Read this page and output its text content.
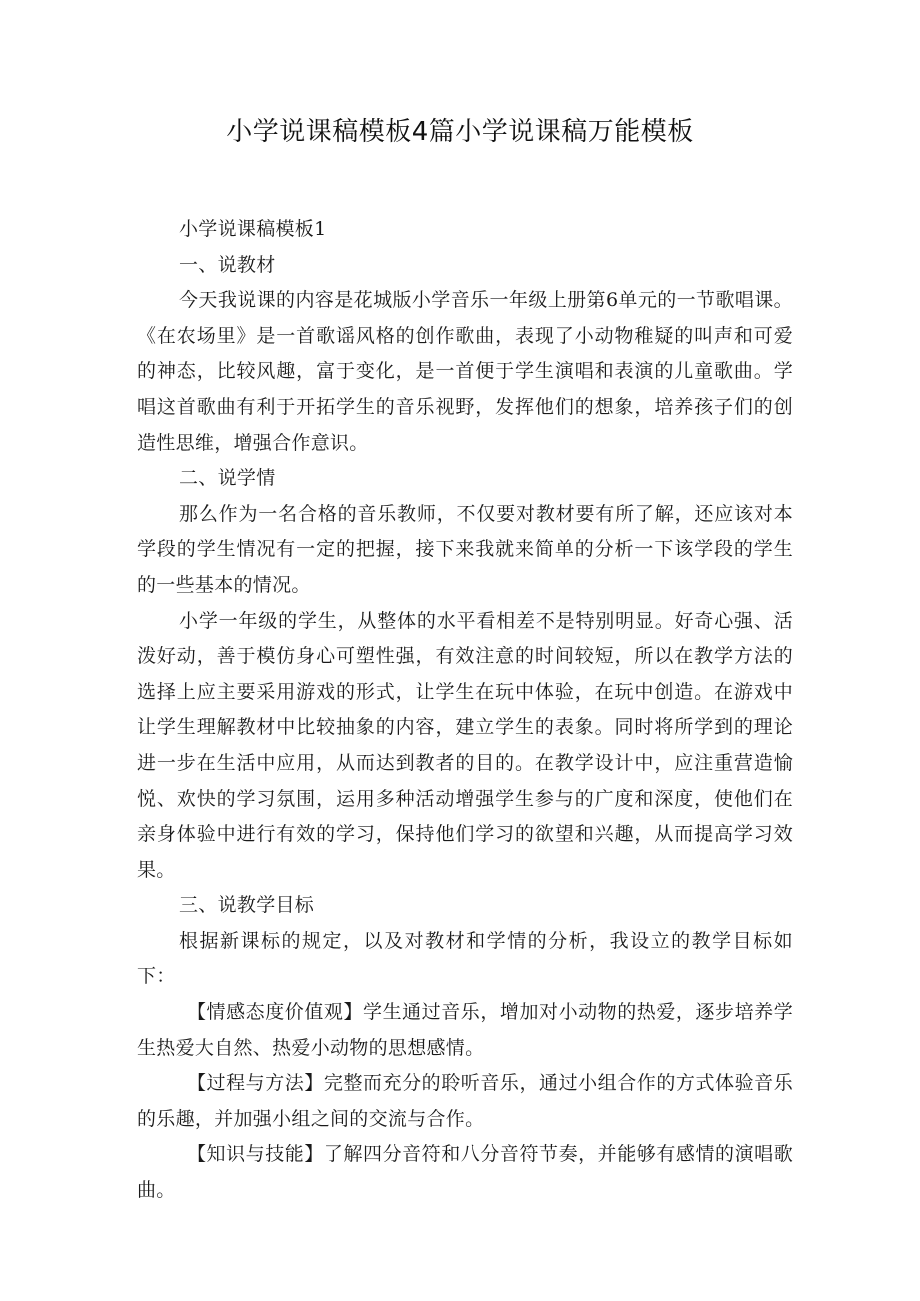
小学说课稿模板4篇小学说课稿万能模板

小学说课稿模板1

一、说教材

今天我说课的内容是花城版小学音乐一年级上册第6单元的一节歌唱课。《在农场里》是一首歌谣风格的创作歌曲，表现了小动物稚疑的叫声和可爱的神态，比较风趣，富于变化，是一首便于学生演唱和表演的儿童歌曲。学唱这首歌曲有利于开拓学生的音乐视野，发挥他们的想象，培养孩子们的创造性思维，增强合作意识。

二、说学情

那么作为一名合格的音乐教师，不仅要对教材要有所了解，还应该对本学段的学生情况有一定的把握，接下来我就来简单的分析一下该学段的学生的一些基本的情况。

小学一年级的学生，从整体的水平看相差不是特别明显。好奇心强、活泼好动，善于模仿身心可塑性强，有效注意的时间较短，所以在教学方法的选择上应主要采用游戏的形式，让学生在玩中体验，在玩中创造。在游戏中让学生理解教材中比较抽象的内容，建立学生的表象。同时将所学到的理论进一步在生活中应用，从而达到教者的目的。在教学设计中，应注重营造愉悦、欢快的学习氛围，运用多种活动增强学生参与的广度和深度，使他们在亲身体验中进行有效的学习，保持他们学习的欲望和兴趣，从而提高学习效果。

三、说教学目标

根据新课标的规定，以及对教材和学情的分析，我设立的教学目标如下：

【情感态度价值观】学生通过音乐，增加对小动物的热爱，逐步培养学生热爱大自然、热爱小动物的思想感情。

【过程与方法】完整而充分的聆听音乐，通过小组合作的方式体验音乐的乐趣，并加强小组之间的交流与合作。

【知识与技能】了解四分音符和八分音符节奏，并能够有感情的演唱歌曲。
